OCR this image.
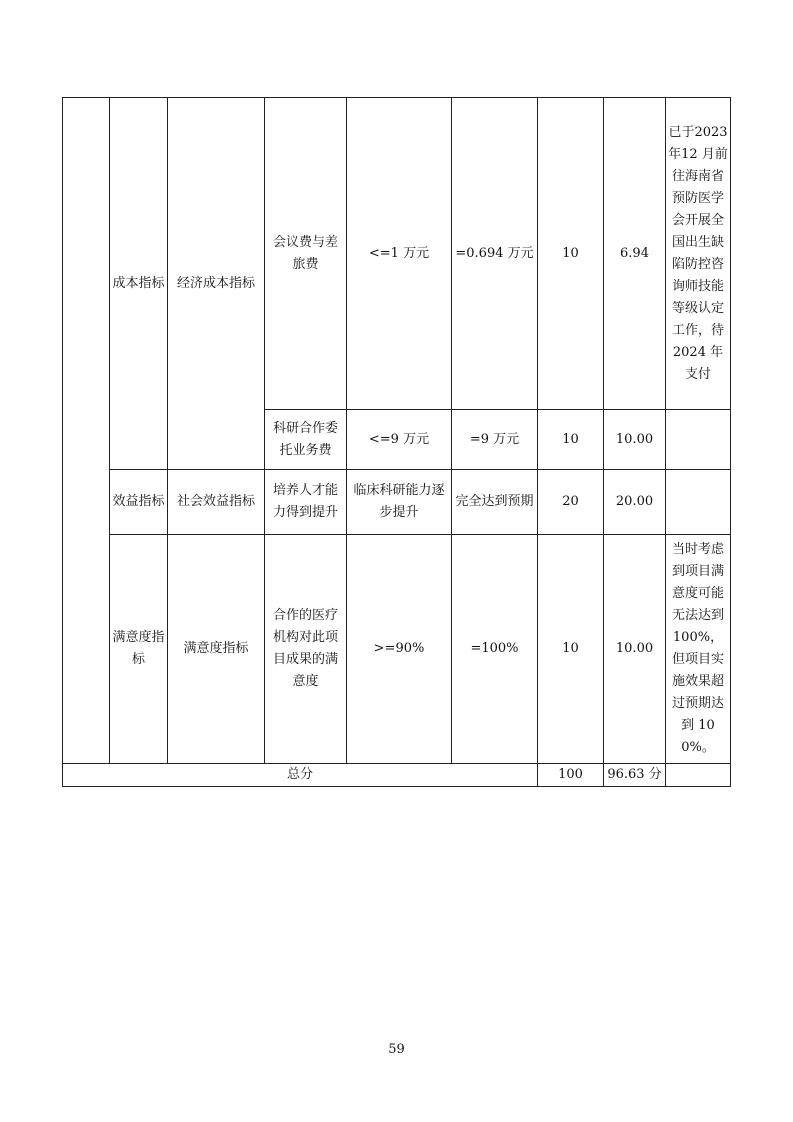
	成本指标	经济成本指标	会议费与差旅费	<=1 万元	=0.694 万元	10	6.94	已于2023 年12 月前往海南省预防医学会开展全国出生缺陷防控咨询师技能等级认定工作，待 2024 年支付
			科研合作委托业务费	<=9 万元	=9 万元	10	10.00	
	效益指标	社会效益指标	培养人才能力得到提升	临床科研能力逐步提升	完全达到预期	20	20.00	
	满意度指标	满意度指标	合作的医疗机构对此项目成果的满意度	>=90%	=100%	10	10.00	当时考虑到项目满意度可能无法达到 100%，但项目实施效果超过预期达到 100%。
总分						100	96.63 分	
59
